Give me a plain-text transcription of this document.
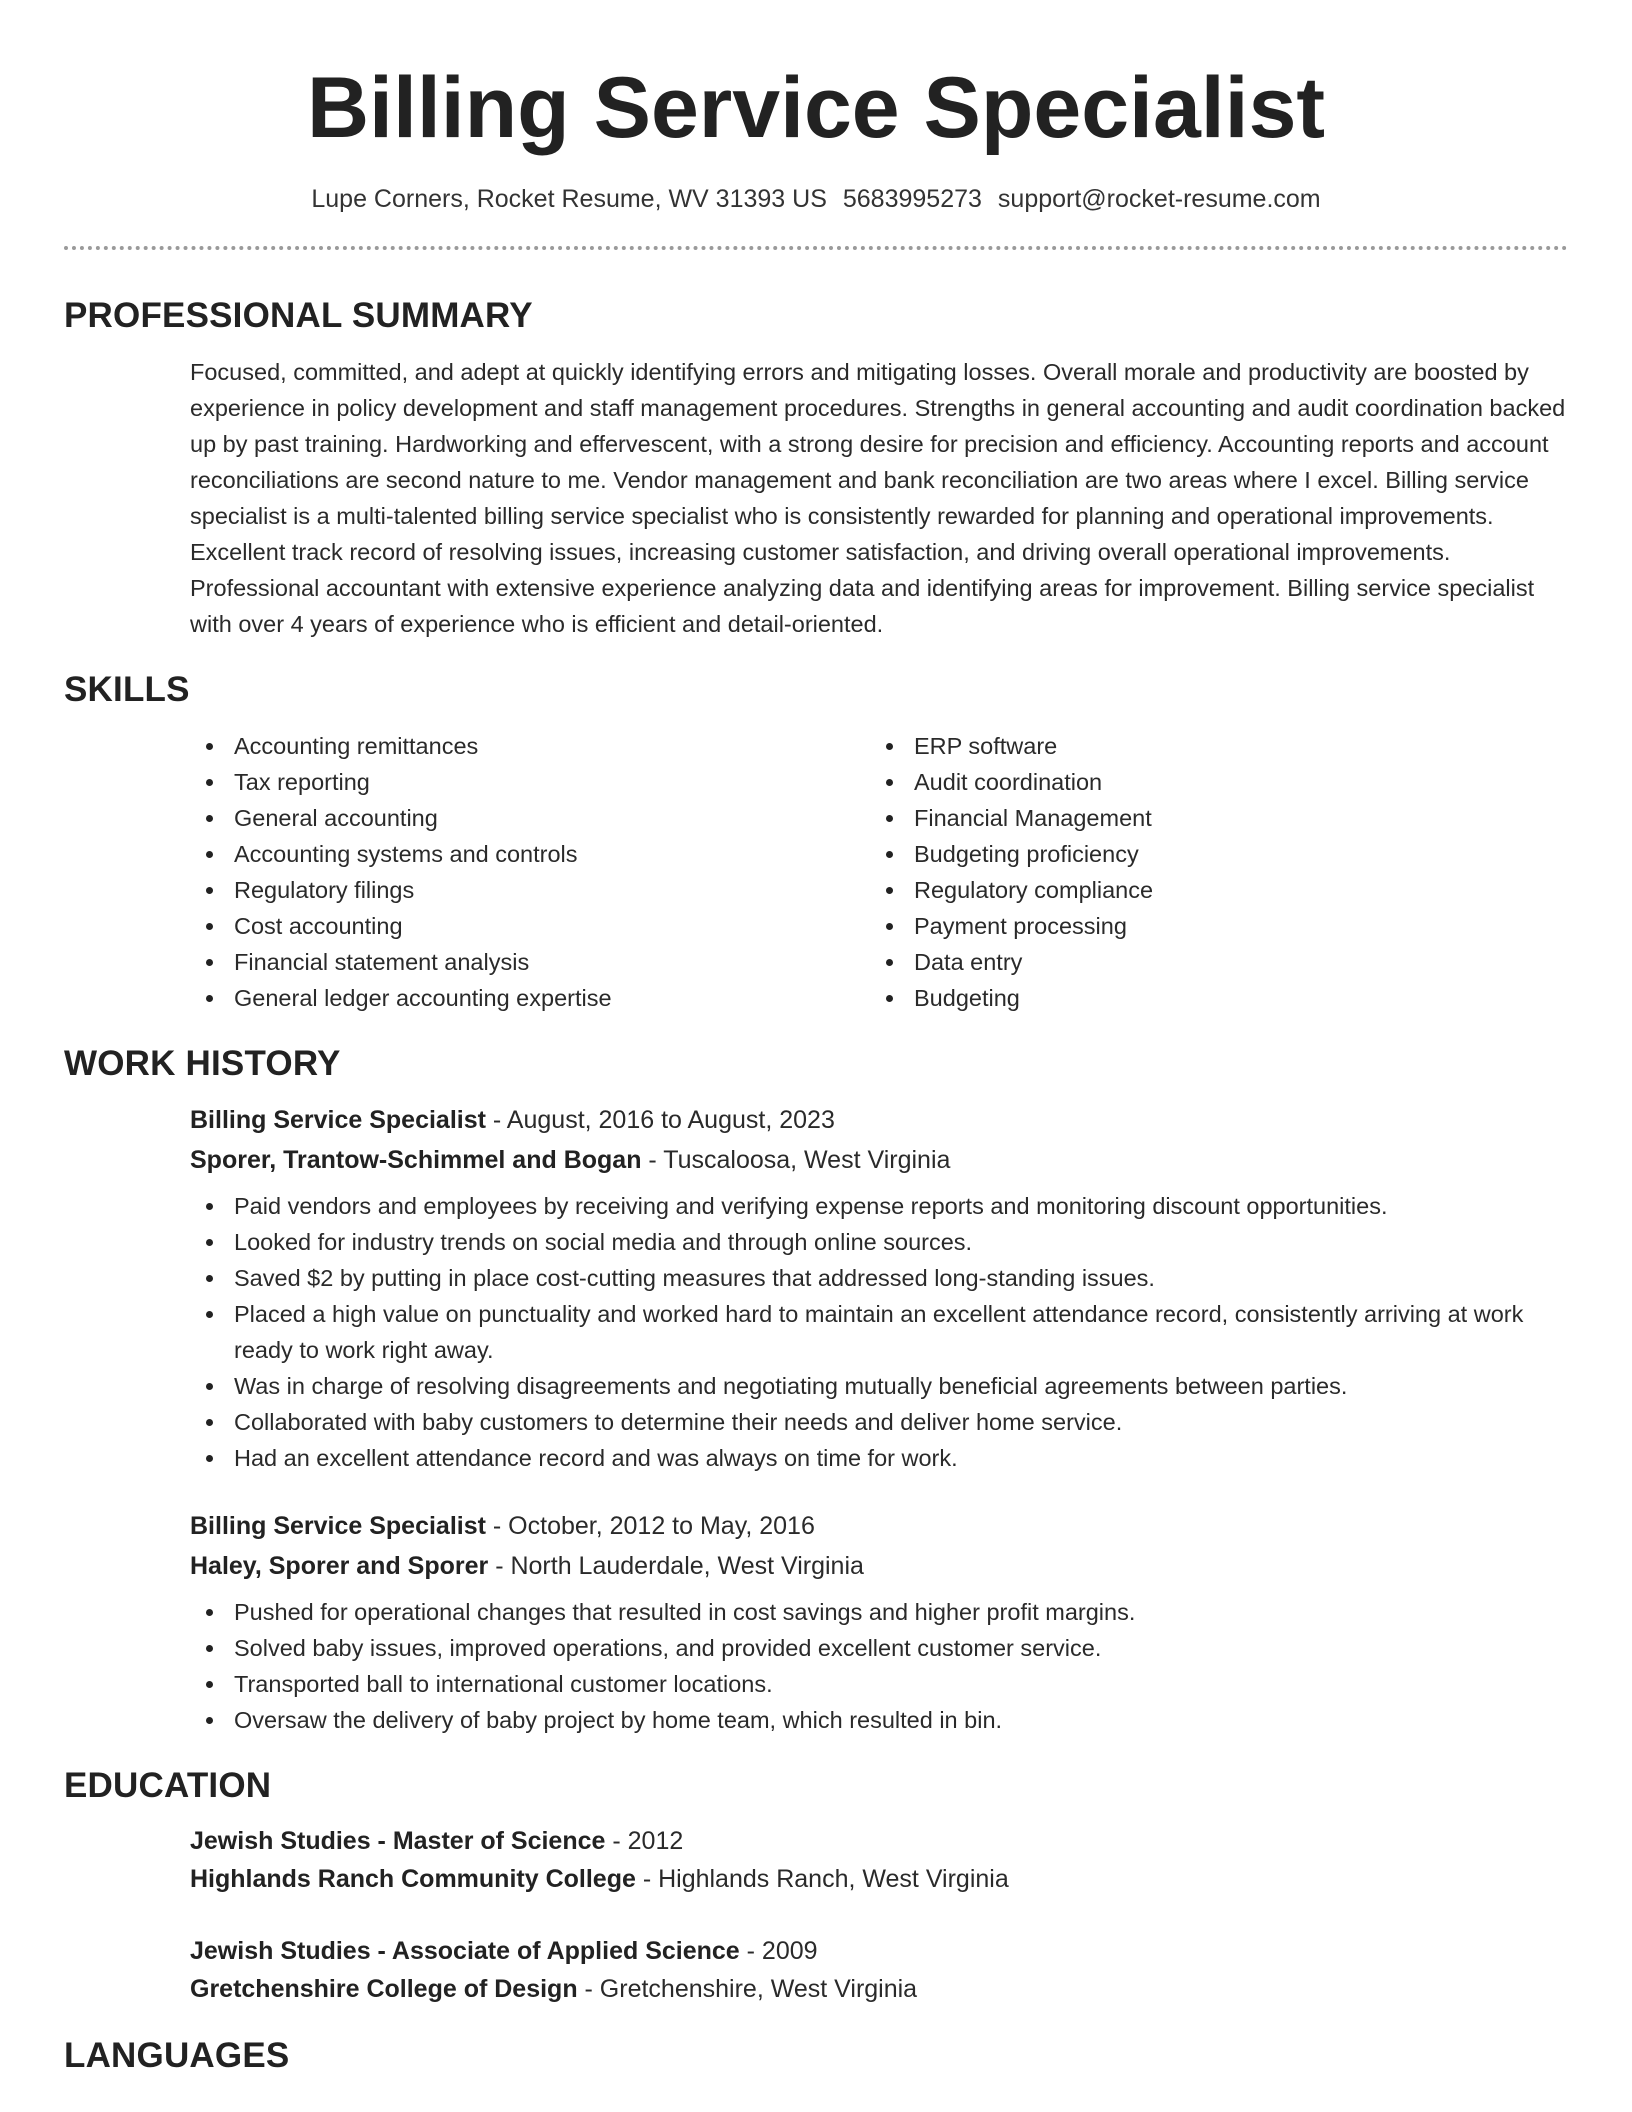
Billing Service Specialist
Lupe Corners, Rocket Resume, WV 31393 US 5683995273 support@rocket-resume.com
PROFESSIONAL SUMMARY

Focused, committed, and adept at quickly identifying errors and mitigating losses. Overall morale and productivity are boosted by experience in policy development and staff management procedures. Strengths in general accounting and audit coordination backed up by past training. Hardworking and effervescent, with a strong desire for precision and efficiency. Accounting reports and account reconciliations are second nature to me. Vendor management and bank reconciliation are two areas where I excel. Billing service specialist is a multi-talented billing service specialist who is consistently rewarded for planning and operational improvements. Excellent track record of resolving issues, increasing customer satisfaction, and driving overall operational improvements. Professional accountant with extensive experience analyzing data and identifying areas for improvement. Billing service specialist with over 4 years of experience who is efficient and detail-oriented.

SKILLS
Accounting remittances
Tax reporting
General accounting
Accounting systems and controls
Regulatory filings
Cost accounting
Financial statement analysis
General ledger accounting expertise
ERP software
Audit coordination
Financial Management
Budgeting proficiency
Regulatory compliance
Payment processing
Data entry
Budgeting
WORK HISTORY
Billing Service Specialist - August, 2016 to August, 2023
Sporer, Trantow-Schimmel and Bogan - Tuscaloosa, West Virginia
Paid vendors and employees by receiving and verifying expense reports and monitoring discount opportunities.
Looked for industry trends on social media and through online sources.
Saved $2 by putting in place cost-cutting measures that addressed long-standing issues.
Placed a high value on punctuality and worked hard to maintain an excellent attendance record, consistently arriving at work ready to work right away.
Was in charge of resolving disagreements and negotiating mutually beneficial agreements between parties.
Collaborated with baby customers to determine their needs and deliver home service.
Had an excellent attendance record and was always on time for work.
Billing Service Specialist - October, 2012 to May, 2016
Haley, Sporer and Sporer - North Lauderdale, West Virginia
Pushed for operational changes that resulted in cost savings and higher profit margins.
Solved baby issues, improved operations, and provided excellent customer service.
Transported ball to international customer locations.
Oversaw the delivery of baby project by home team, which resulted in bin.
EDUCATION
Jewish Studies - Master of Science - 2012
Highlands Ranch Community College - Highlands Ranch, West Virginia
Jewish Studies - Associate of Applied Science - 2009
Gretchenshire College of Design - Gretchenshire, West Virginia
LANGUAGES
